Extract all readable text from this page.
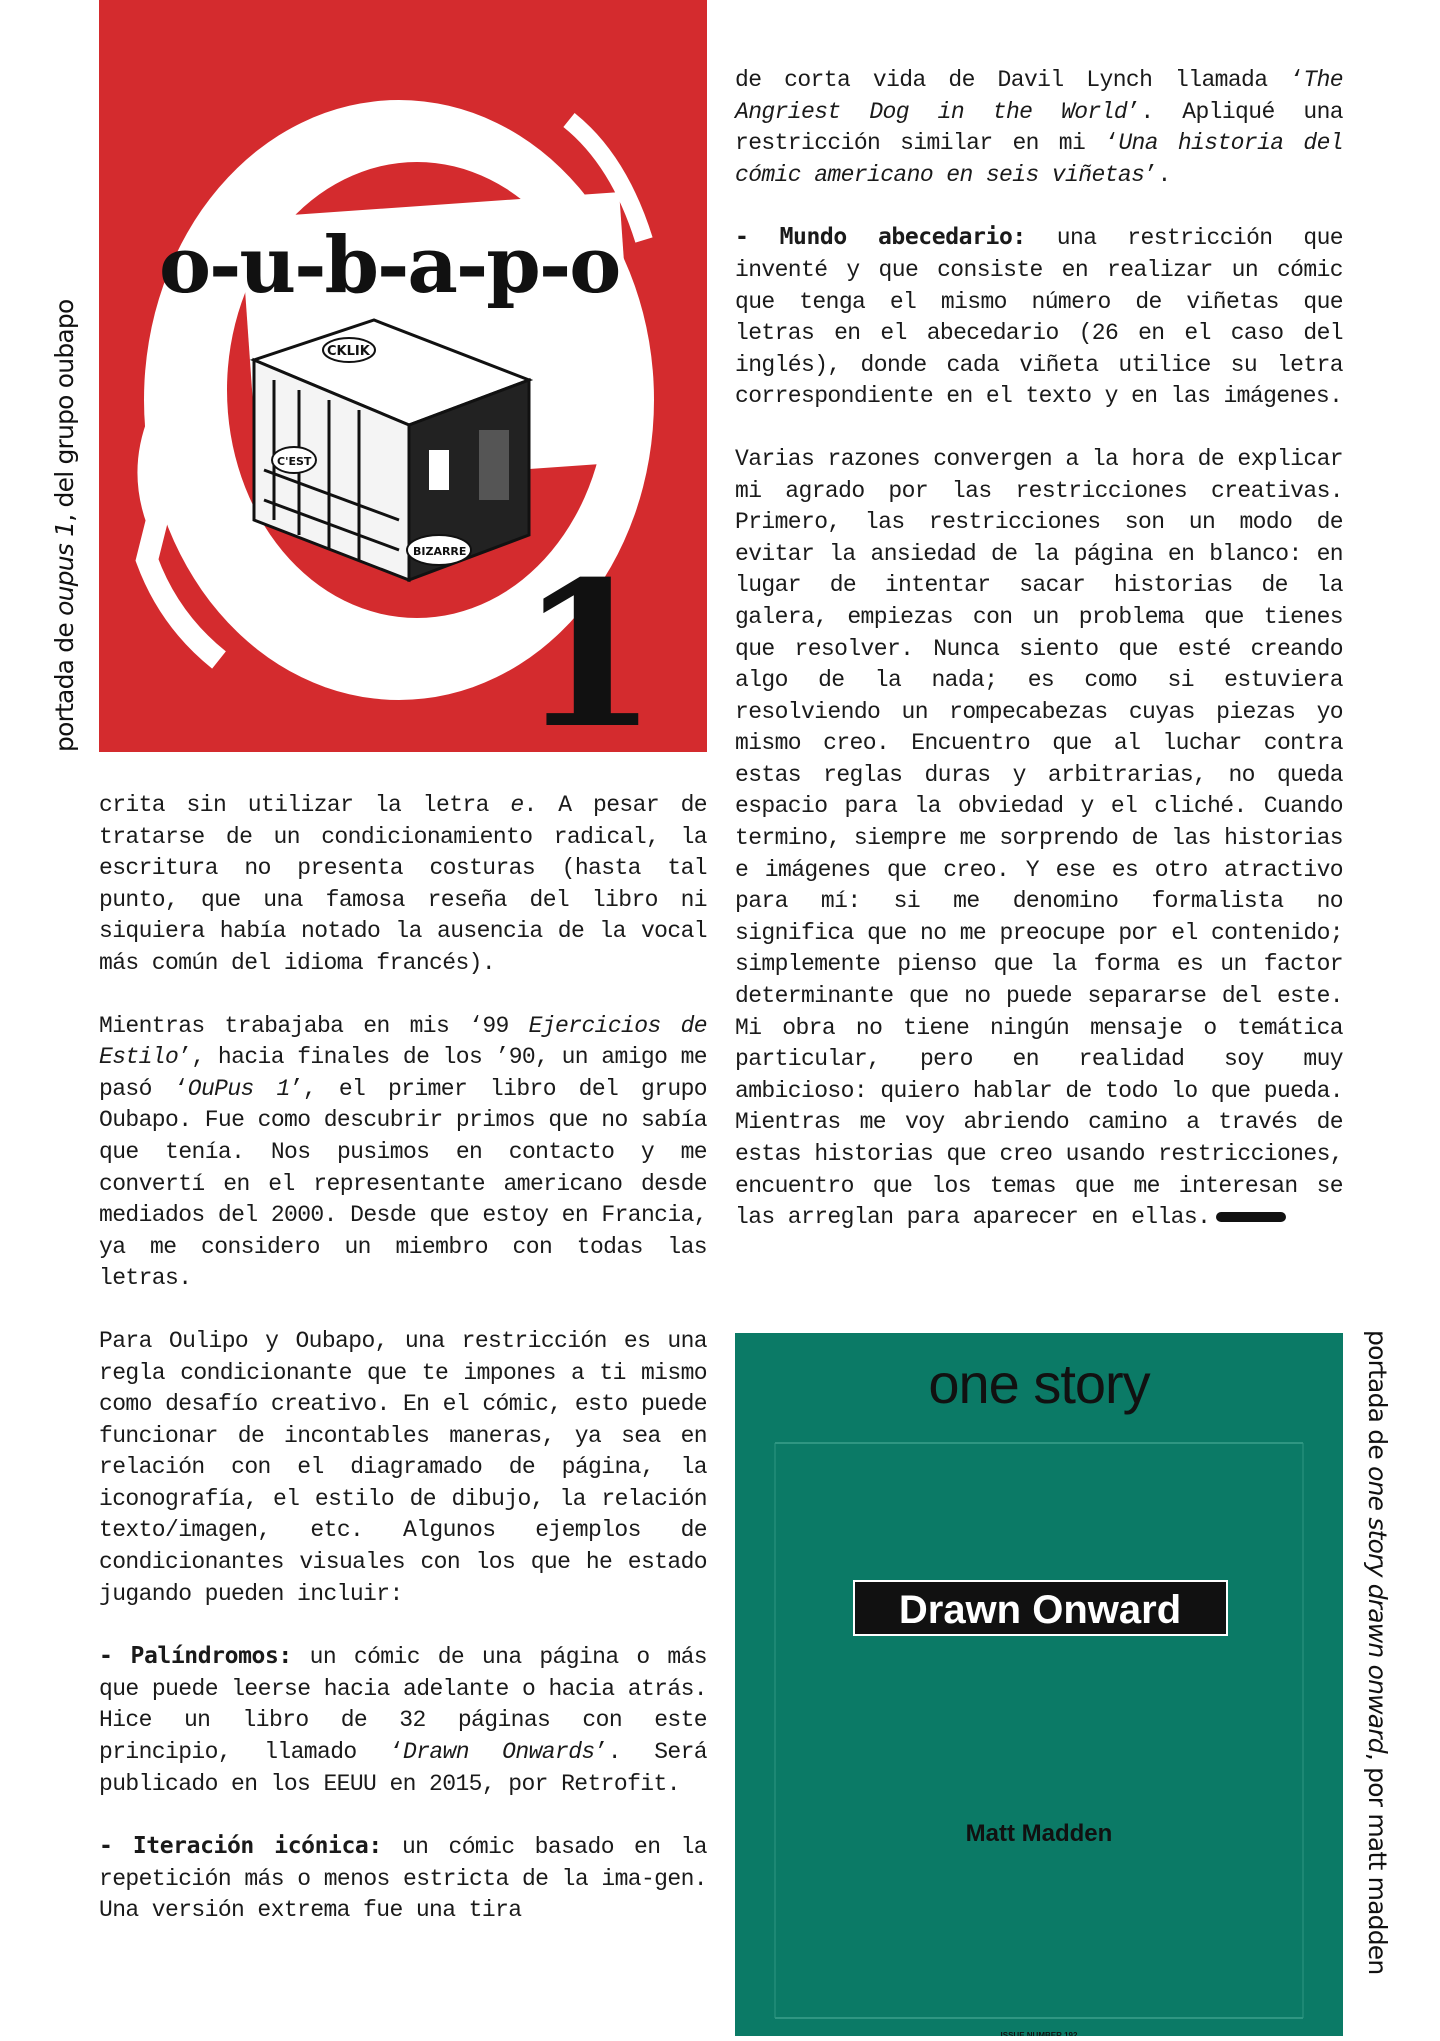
portada de oupus 1, del grupo oubapo
portada de one story drawn onward, por matt madden
o-u-b-a-p-o
CKLIK
C'EST
BIZARRE 1
one story
Drawn Onward
Matt Madden
ISSUE NUMBER 192

crita sin utilizar la letra e. A pesar de tratarse de un condicionamiento radical, la escritura no presenta costuras (hasta tal punto, que una famosa reseña del libro ni siquiera había notado la ausencia de la vocal más común del idioma francés).

Mientras trabajaba en mis ‘99 Ejercicios de Estilo’, hacia finales de los ’90, un amigo me pasó ‘OuPus 1’, el primer libro del grupo Oubapo. Fue como descubrir primos que no sabía que tenía. Nos pusimos en contacto y me convertí en el representante americano desde mediados del 2000. Desde que estoy en Francia, ya me considero un miembro con todas las letras.

Para Oulipo y Oubapo, una restricción es una regla condicionante que te impones a ti mismo como desafío creativo. En el cómic, esto puede funcionar de incontables maneras, ya sea en relación con el diagramado de página, la iconografía, el estilo de dibujo, la relación texto/imagen, etc. Algunos ejemplos de condicionantes visuales con los que he estado jugando pueden incluir:

- Palíndromos: un cómic de una página o más que puede leerse hacia adelante o hacia atrás. Hice un libro de 32 páginas con este principio, llamado ‘Drawn Onwards’. Será publicado en los EEUU en 2015, por Retrofit.

- Iteración icónica: un cómic basado en la repetición más o menos estricta de la ima-gen. Una versión extrema fue una tira

de corta vida de Davil Lynch llamada ‘The Angriest Dog in the World’. Apliqué una restricción similar en mi ‘Una historia del cómic americano en seis viñetas’.

- Mundo abecedario: una restricción que inventé y que consiste en realizar un cómic que tenga el mismo número de viñetas que letras en el abecedario (26 en el caso del inglés), donde cada viñeta utilice su letra correspondiente en el texto y en las imágenes.

Varias razones convergen a la hora de explicar mi agrado por las restricciones creativas. Primero, las restricciones son un modo de evitar la ansiedad de la página en blanco: en lugar de intentar sacar historias de la galera, empiezas con un problema que tienes que resolver. Nunca siento que esté creando algo de la nada; es como si estuviera resolviendo un rompecabezas cuyas piezas yo mismo creo. Encuentro que al luchar contra estas reglas duras y arbitrarias, no queda espacio para la obviedad y el cliché. Cuando termino, siempre me sorprendo de las historias e imágenes que creo. Y ese es otro atractivo para mí: si me denomino formalista no significa que no me preocupe por el contenido; simplemente pienso que la forma es un factor determinante que no puede separarse del este. Mi obra no tiene ningún mensaje o temática particular, pero en realidad soy muy ambicioso: quiero hablar de todo lo que pueda. Mientras me voy abriendo camino a través de estas historias que creo usando restricciones, encuentro que los temas que me interesan se las arreglan para aparecer en ellas.
